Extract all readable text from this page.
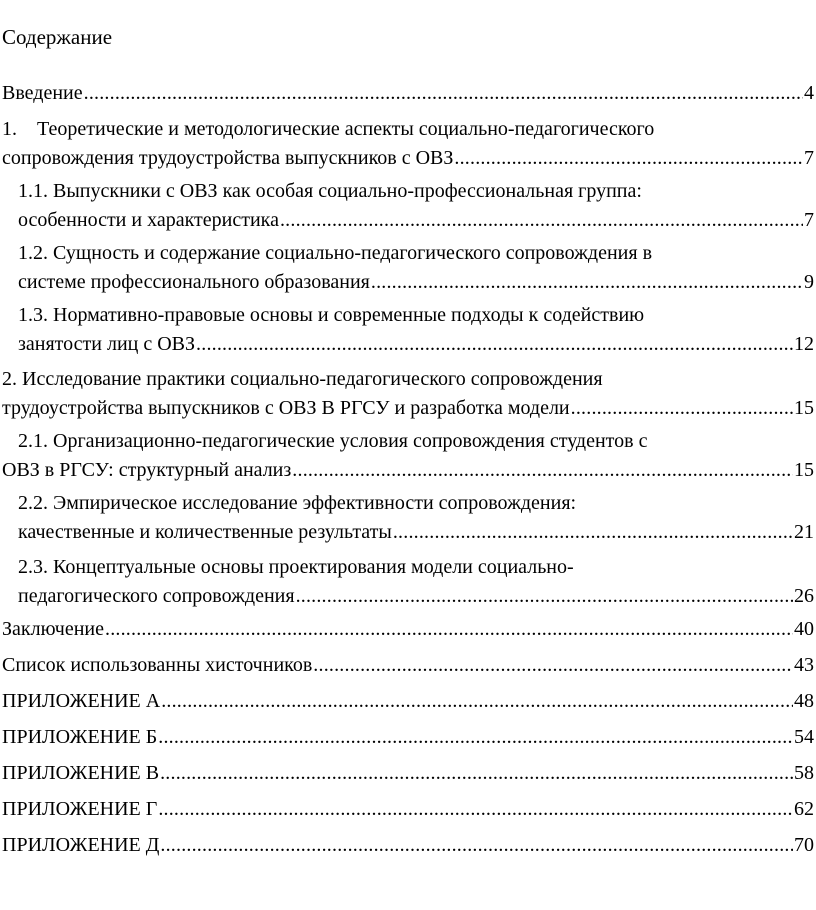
Содержание
Введение .....	4
1.    Теоретические и методологические аспекты социально-педагогического
сопровождения трудоустройства выпускников с ОВЗ .....	7
1.1. Выпускники с ОВЗ как особая социально-профессиональная группа:
особенности и характеристика .....	7
1.2. Сущность и содержание социально-педагогического сопровождения в
системе профессионального образования .....	9
1.3. Нормативно-правовые основы и современные подходы к содействию
занятости лиц с ОВЗ .....	12
2. Исследование практики социально-педагогического сопровождения
трудоустройства выпускников с ОВЗ В РГСУ и разработка модели .....	15
2.1. Организационно-педагогические условия сопровождения студентов с
ОВЗ в РГСУ: структурный анализ .....	15
2.2. Эмпирическое исследование эффективности сопровождения:
качественные и количественные результаты .....	21
2.3. Концептуальные основы проектирования модели социально-
педагогического сопровождения .....	26
Заключение .....	40
Список использованны хисточников .....	43
ПРИЛОЖЕНИЕ А .....	48
ПРИЛОЖЕНИЕ Б .....	54
ПРИЛОЖЕНИЕ В .....	58
ПРИЛОЖЕНИЕ Г .....	62
ПРИЛОЖЕНИЕ Д .....	70
